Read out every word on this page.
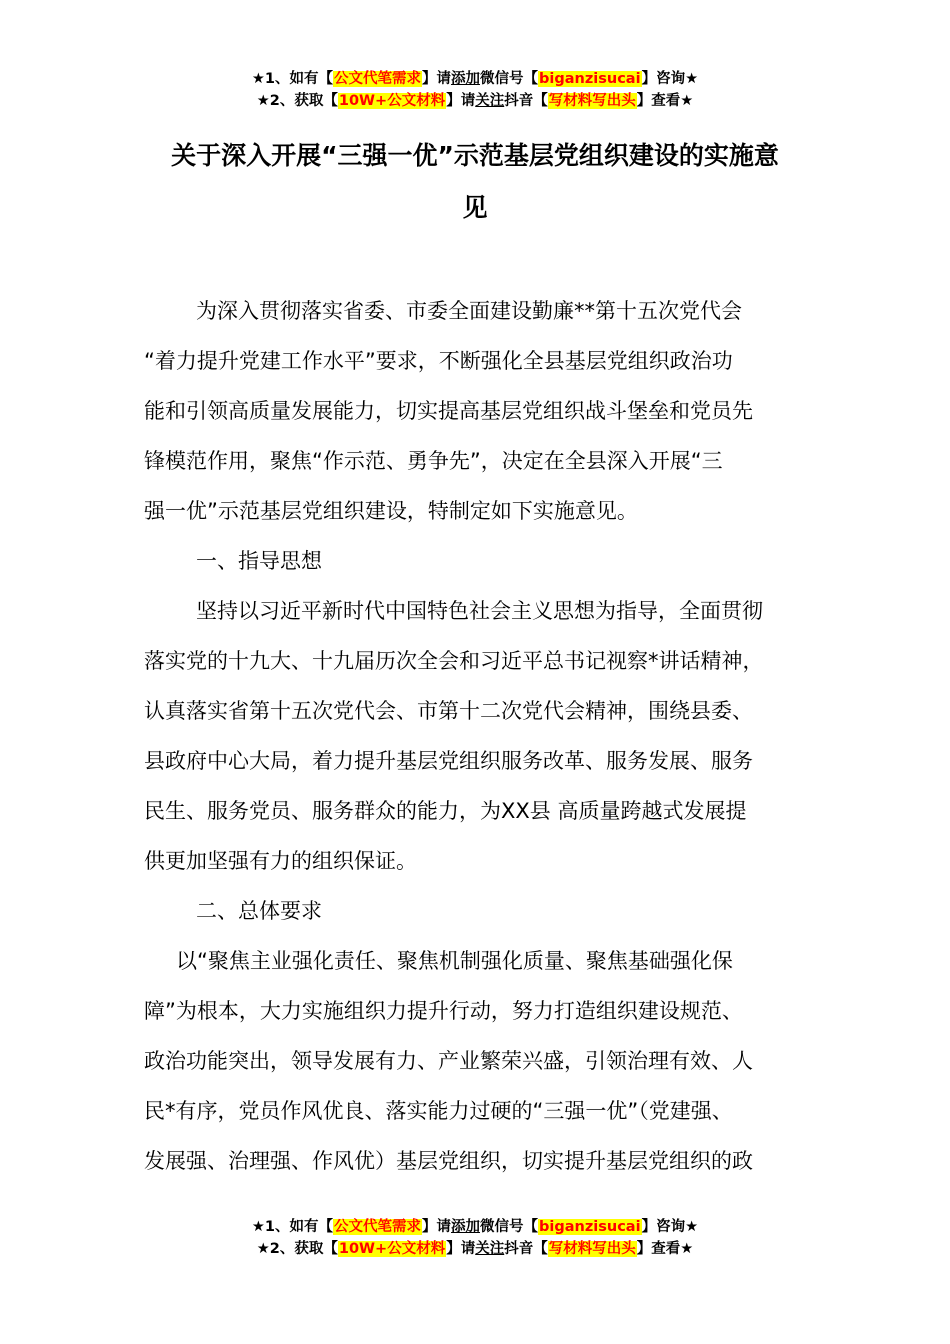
★1、如有【公文代笔需求】请添加微信号【biganzisucai】咨询★
★2、获取【10W+公文材料】请关注抖音【写材料写出头】查看★
关于深入开展“三强一优”示范基层党组织建设的实施意
见
为深入贯彻落实省委、市委全面建设勤廉**第十五次党代会
“着力提升党建工作水平”要求，不断强化全县基层党组织政治功
能和引领高质量发展能力，切实提高基层党组织战斗堡垒和党员先
锋模范作用，聚焦“作示范、勇争先”，决定在全县深入开展“三
强一优”示范基层党组织建设，特制定如下实施意见。
一、指导思想
坚持以习近平新时代中国特色社会主义思想为指导，全面贯彻
落实党的十九大、十九届历次全会和习近平总书记视察*讲话精神，
认真落实省第十五次党代会、市第十二次党代会精神，围绕县委、
县政府中心大局，着力提升基层党组织服务改革、服务发展、服务
民生、服务党员、服务群众的能力，为XX县 高质量跨越式发展提
供更加坚强有力的组织保证。
二、总体要求
以“聚焦主业强化责任、聚焦机制强化质量、聚焦基础强化保
障”为根本，大力实施组织力提升行动，努力打造组织建设规范、
政治功能突出，领导发展有力、产业繁荣兴盛，引领治理有效、人
民*有序，党员作风优良、落实能力过硬的“三强一优”（党建强、
发展强、治理强、作风优）基层党组织，切实提升基层党组织的政
★1、如有【公文代笔需求】请添加微信号【biganzisucai】咨询★
★2、获取【10W+公文材料】请关注抖音【写材料写出头】查看★
